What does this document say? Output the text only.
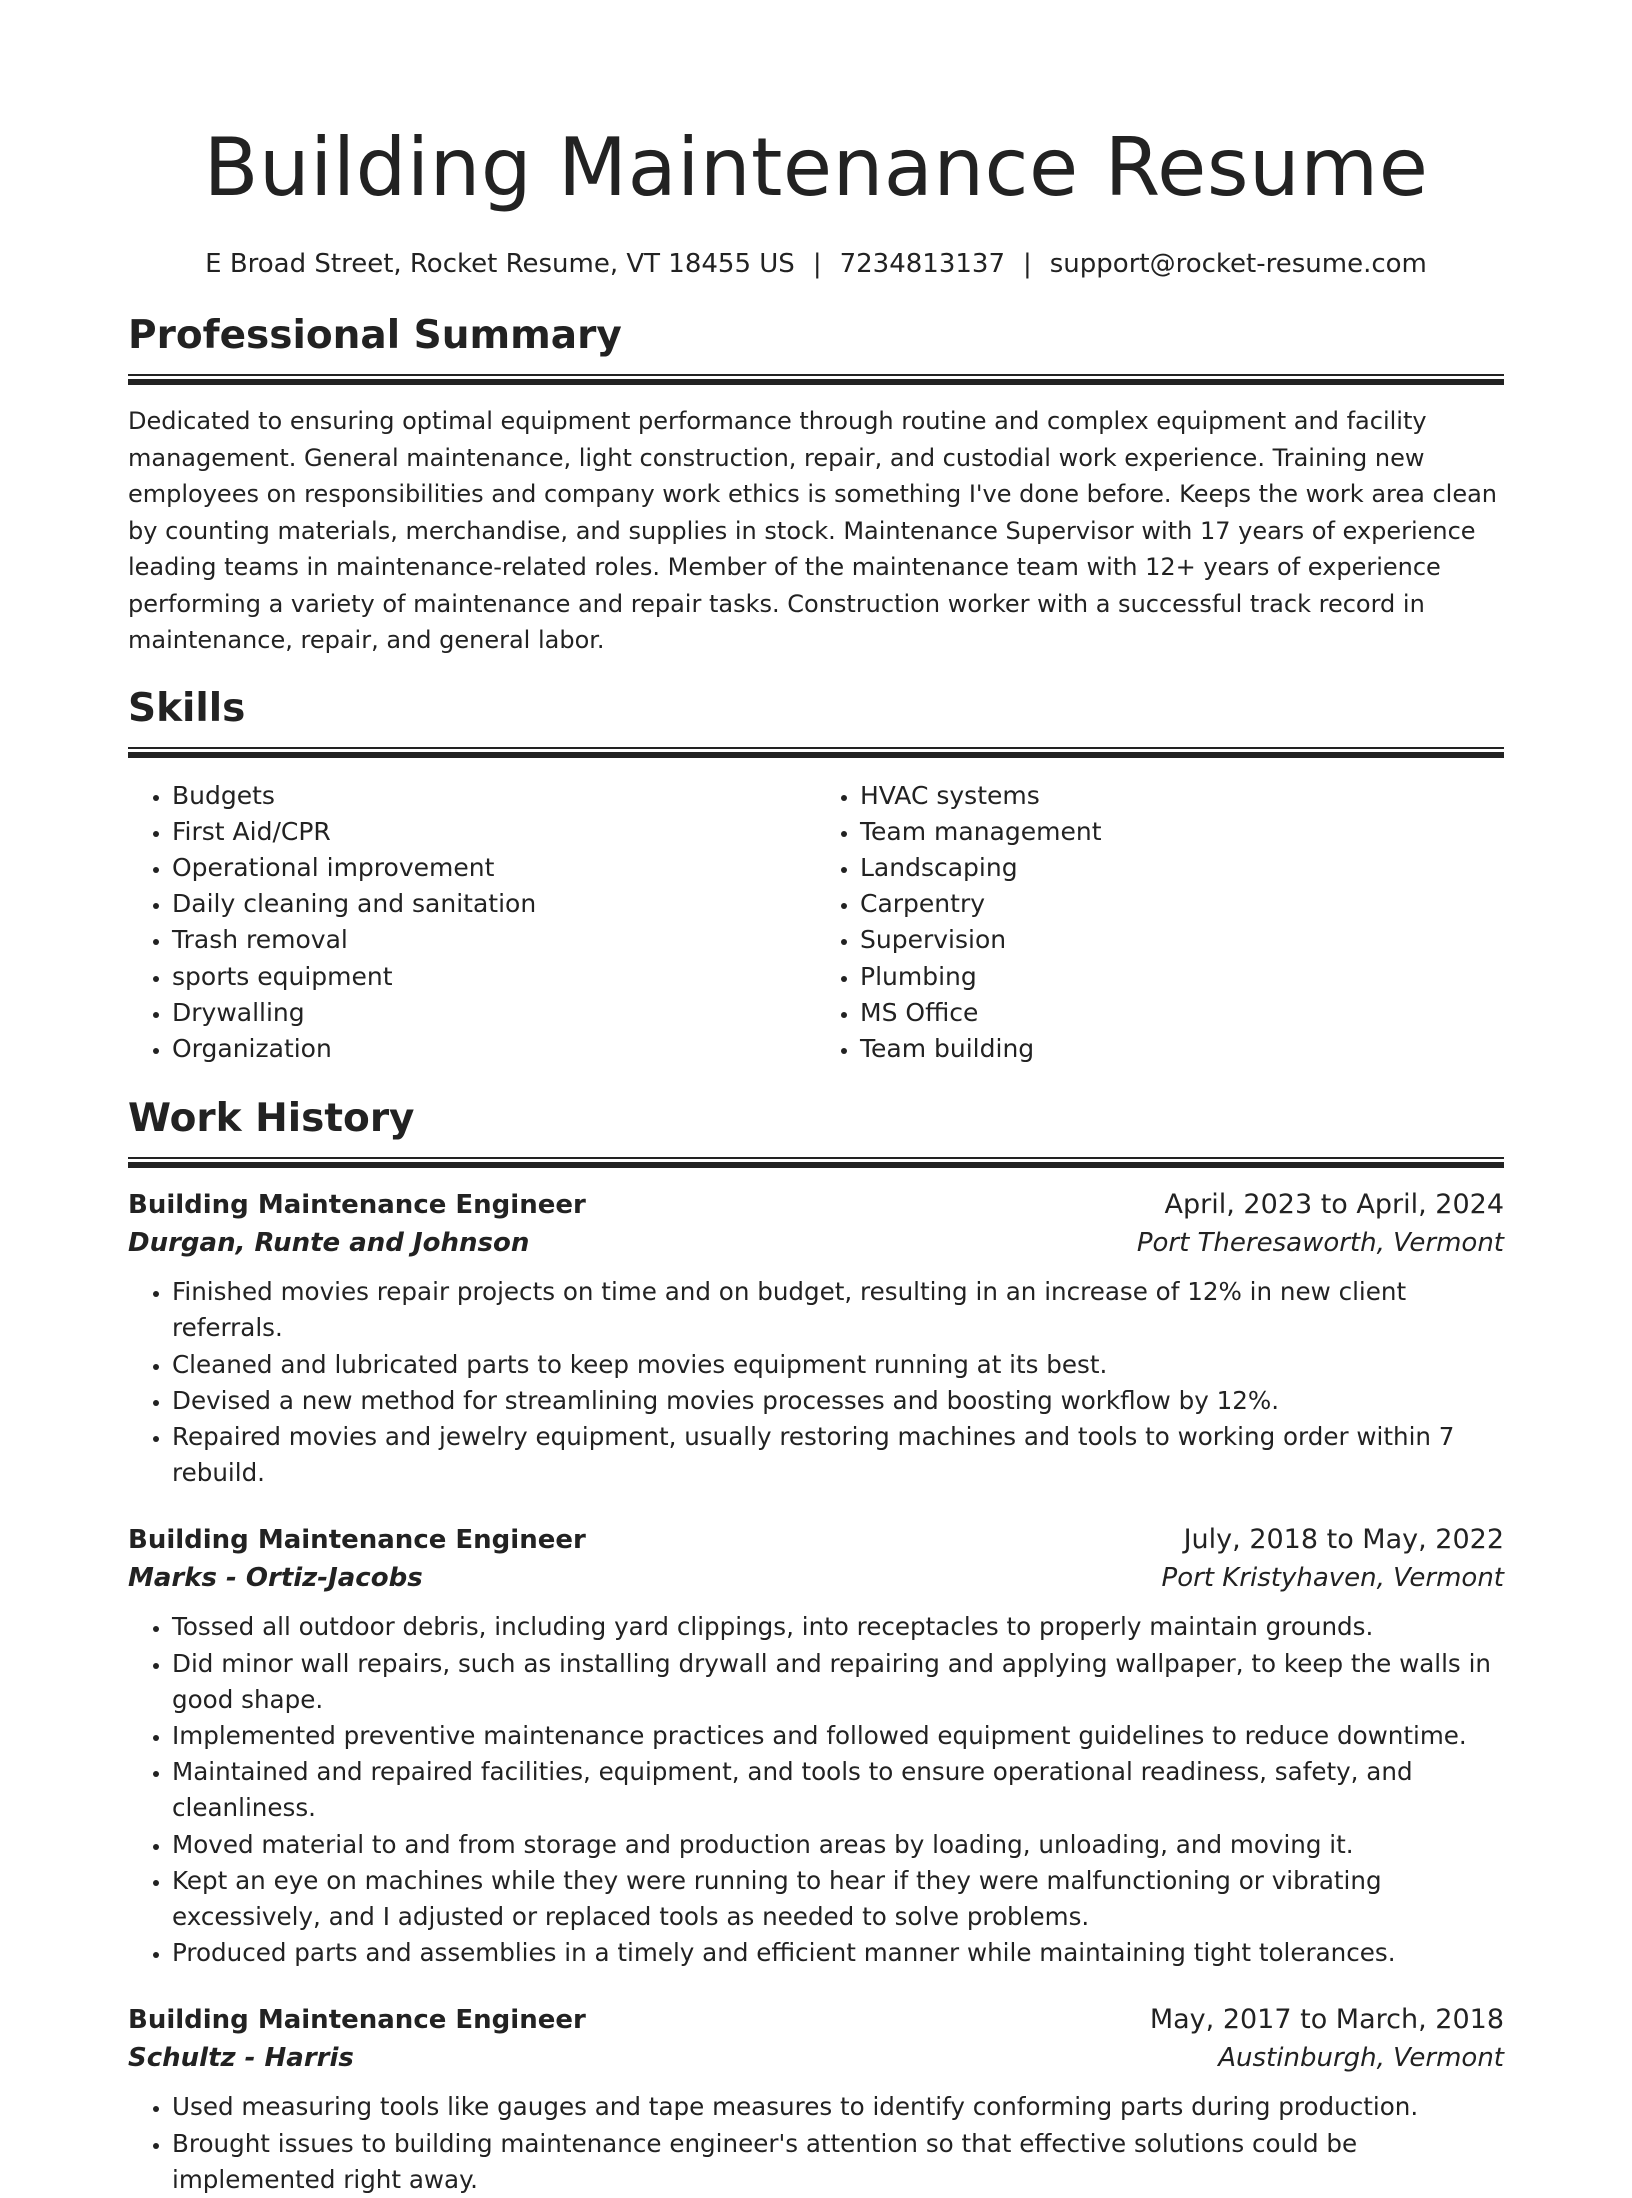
Building Maintenance Resume
E Broad Street, Rocket Resume, VT 18455 US | 7234813137 | support@rocket-resume.com
Professional Summary

Dedicated to ensuring optimal equipment performance through routine and complex equipment and facility management. General maintenance, light construction, repair, and custodial work experience. Training new employees on responsibilities and company work ethics is something I've done before. Keeps the work area clean by counting materials, merchandise, and supplies in stock. Maintenance Supervisor with 17 years of experience leading teams in maintenance-related roles. Member of the maintenance team with 12+ years of experience performing a variety of maintenance and repair tasks. Construction worker with a successful track record in maintenance, repair, and general labor.

Skills
• Budgets
• First Aid/CPR
• Operational improvement
• Daily cleaning and sanitation
• Trash removal
• sports equipment
• Drywalling
• Organization
• HVAC systems
• Team management
• Landscaping
• Carpentry
• Supervision
• Plumbing
• MS Office
• Team building
Work History
Building Maintenance Engineer	April, 2023 to April, 2024
Durgan, Runte and Johnson	Port Theresaworth, Vermont
• Finished movies repair projects on time and on budget, resulting in an increase of 12% in new client referrals.
• Cleaned and lubricated parts to keep movies equipment running at its best.
• Devised a new method for streamlining movies processes and boosting workflow by 12%.
• Repaired movies and jewelry equipment, usually restoring machines and tools to working order within 7 rebuild.
Building Maintenance Engineer	July, 2018 to May, 2022
Marks - Ortiz-Jacobs	Port Kristyhaven, Vermont
• Tossed all outdoor debris, including yard clippings, into receptacles to properly maintain grounds.
• Did minor wall repairs, such as installing drywall and repairing and applying wallpaper, to keep the walls in good shape.
• Implemented preventive maintenance practices and followed equipment guidelines to reduce downtime.
• Maintained and repaired facilities, equipment, and tools to ensure operational readiness, safety, and cleanliness.
• Moved material to and from storage and production areas by loading, unloading, and moving it.
• Kept an eye on machines while they were running to hear if they were malfunctioning or vibrating excessively, and I adjusted or replaced tools as needed to solve problems.
• Produced parts and assemblies in a timely and efficient manner while maintaining tight tolerances.
Building Maintenance Engineer	May, 2017 to March, 2018
Schultz - Harris	Austinburgh, Vermont
• Used measuring tools like gauges and tape measures to identify conforming parts during production.
• Brought issues to building maintenance engineer's attention so that effective solutions could be implemented right away.
